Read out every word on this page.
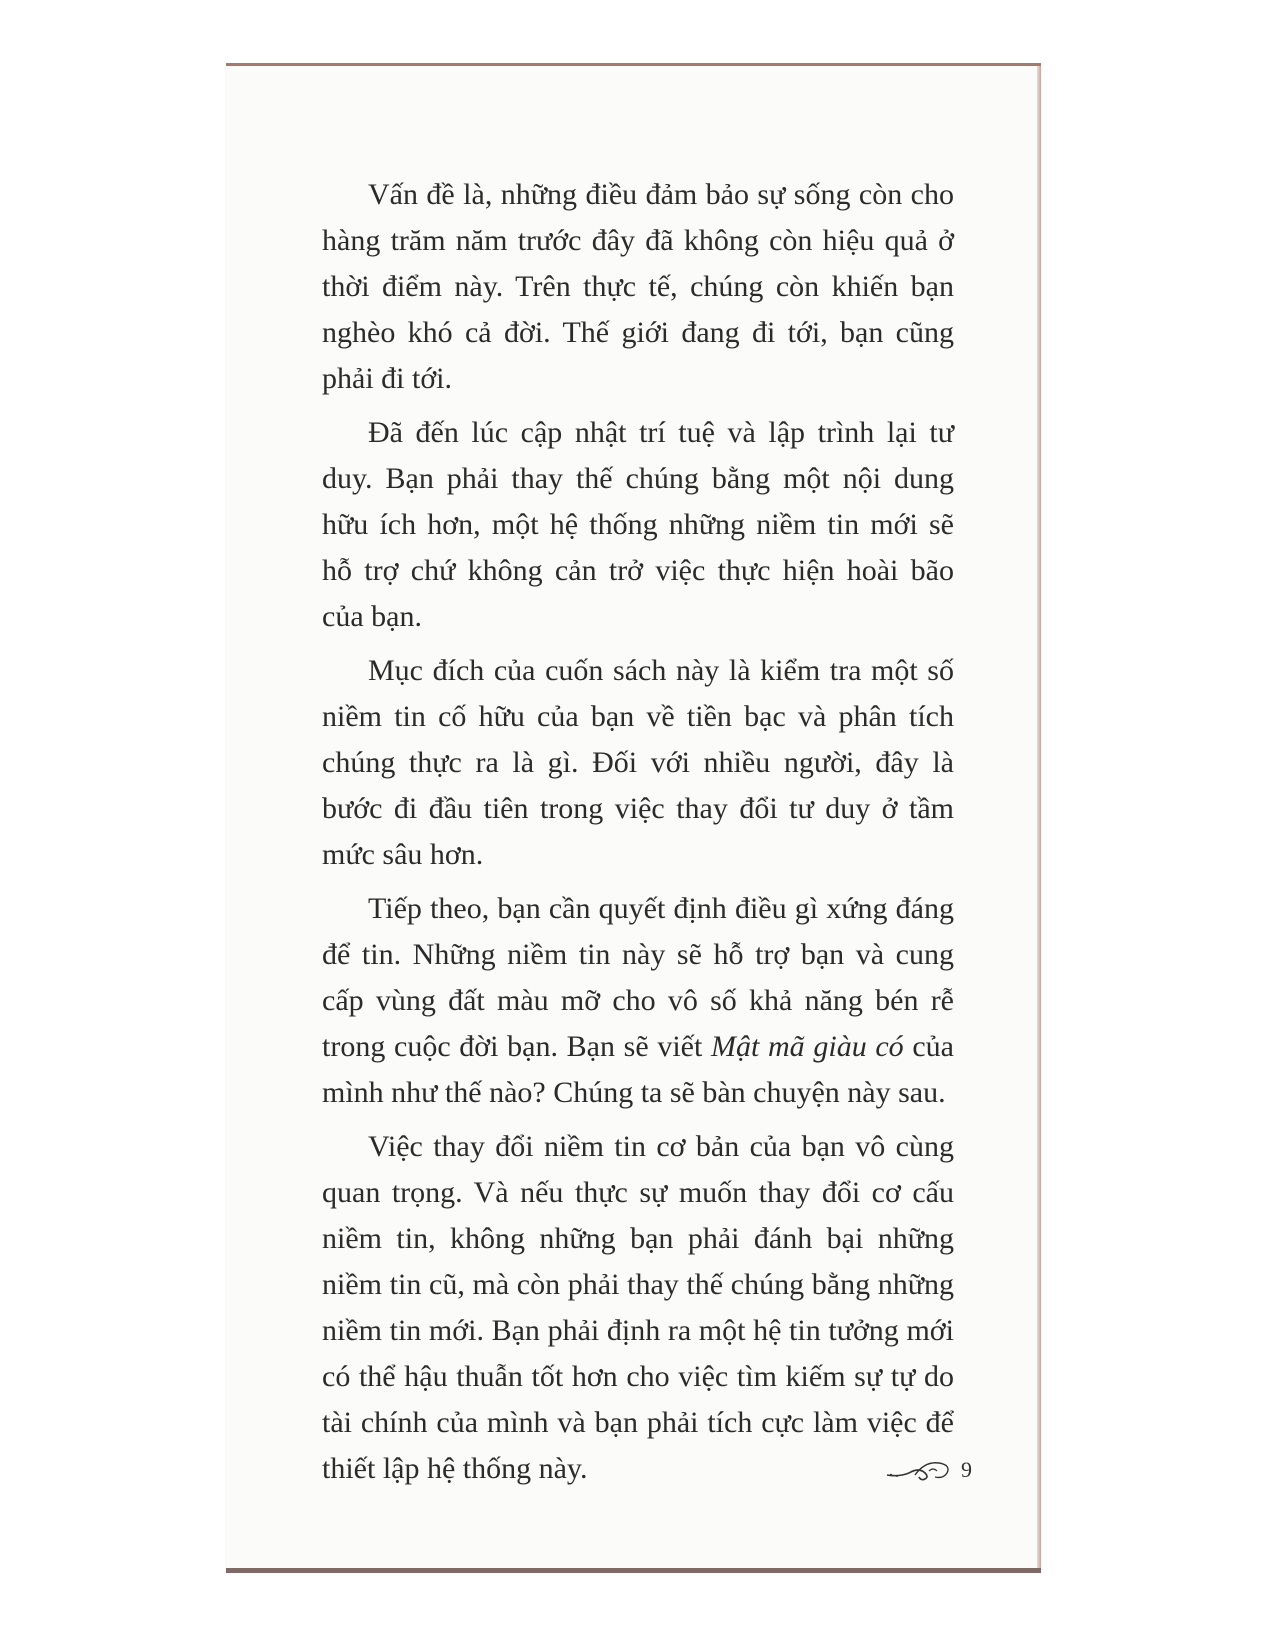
Vấn đề là, những điều đảm bảo sự sống còn cho hàng trăm năm trước đây đã không còn hiệu quả ở thời điểm này. Trên thực tế, chúng còn khiến bạn nghèo khó cả đời. Thế giới đang đi tới, bạn cũng phải đi tới.

Đã đến lúc cập nhật trí tuệ và lập trình lại tư duy. Bạn phải thay thế chúng bằng một nội dung hữu ích hơn, một hệ thống những niềm tin mới sẽ hỗ trợ chứ không cản trở việc thực hiện hoài bão của bạn.

Mục đích của cuốn sách này là kiểm tra một số niềm tin cố hữu của bạn về tiền bạc và phân tích chúng thực ra là gì. Đối với nhiều người, đây là bước đi đầu tiên trong việc thay đổi tư duy ở tầm mức sâu hơn.

Tiếp theo, bạn cần quyết định điều gì xứng đáng để tin. Những niềm tin này sẽ hỗ trợ bạn và cung cấp vùng đất màu mỡ cho vô số khả năng bén rễ trong cuộc đời bạn. Bạn sẽ viết Mật mã giàu có của mình như thế nào? Chúng ta sẽ bàn chuyện này sau.

Việc thay đổi niềm tin cơ bản của bạn vô cùng quan trọng. Và nếu thực sự muốn thay đổi cơ cấu niềm tin, không những bạn phải đánh bại những niềm tin cũ, mà còn phải thay thế chúng bằng những niềm tin mới. Bạn phải định ra một hệ tin tưởng mới có thể hậu thuẫn tốt hơn cho việc tìm kiếm sự tự do tài chính của mình và bạn phải tích cực làm việc để thiết lập hệ thống này.	9
